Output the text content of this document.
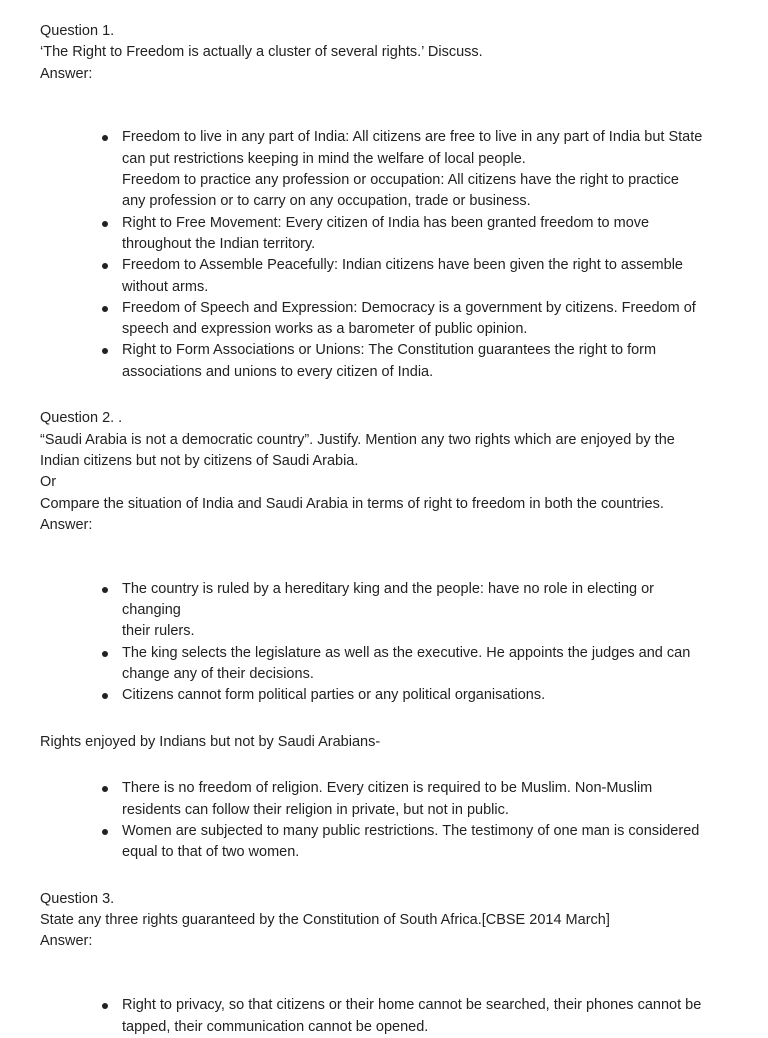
Question 1.
‘The Right to Freedom is actually a cluster of several rights.’ Discuss.
Answer:
Freedom to live in any part of India: All citizens are free to live in any part of India but State
can put restrictions keeping in mind the welfare of local people.
Freedom to practice any profession or occupation: All citizens have the right to practice
any profession or to carry on any occupation, trade or business.
Right to Free Movement: Every citizen of India has been granted freedom to move
throughout the Indian territory.
Freedom to Assemble Peacefully: Indian citizens have been given the right to assemble
without arms.
Freedom of Speech and Expression: Democracy is a government by citizens. Freedom of
speech and expression works as a barometer of public opinion.
Right to Form Associations or Unions: The Constitution guarantees the right to form
associations and unions to every citizen of India.
Question 2. .
“Saudi Arabia is not a democratic country”. Justify. Mention any two rights which are enjoyed by the
Indian citizens but not by citizens of Saudi Arabia.
Or
Compare the situation of India and Saudi Arabia in terms of right to freedom in both the countries.
Answer:
The country is ruled by a hereditary king and the people: have no role in electing or
changing
their rulers.
The king selects the legislature as well as the executive. He appoints the judges and can
change any of their decisions.
Citizens cannot form political parties or any political organisations.
Rights enjoyed by Indians but not by Saudi Arabians-
There is no freedom of religion. Every citizen is required to be Muslim. Non-Muslim
residents can follow their religion in private, but not in public.
Women are subjected to many public restrictions. The testimony of one man is considered
equal to that of two women.
Question 3.
State any three rights guaranteed by the Constitution of South Africa.[CBSE 2014 March]
Answer:
Right to privacy, so that citizens or their home cannot be searched, their phones cannot be
tapped, their communication cannot be opened.
